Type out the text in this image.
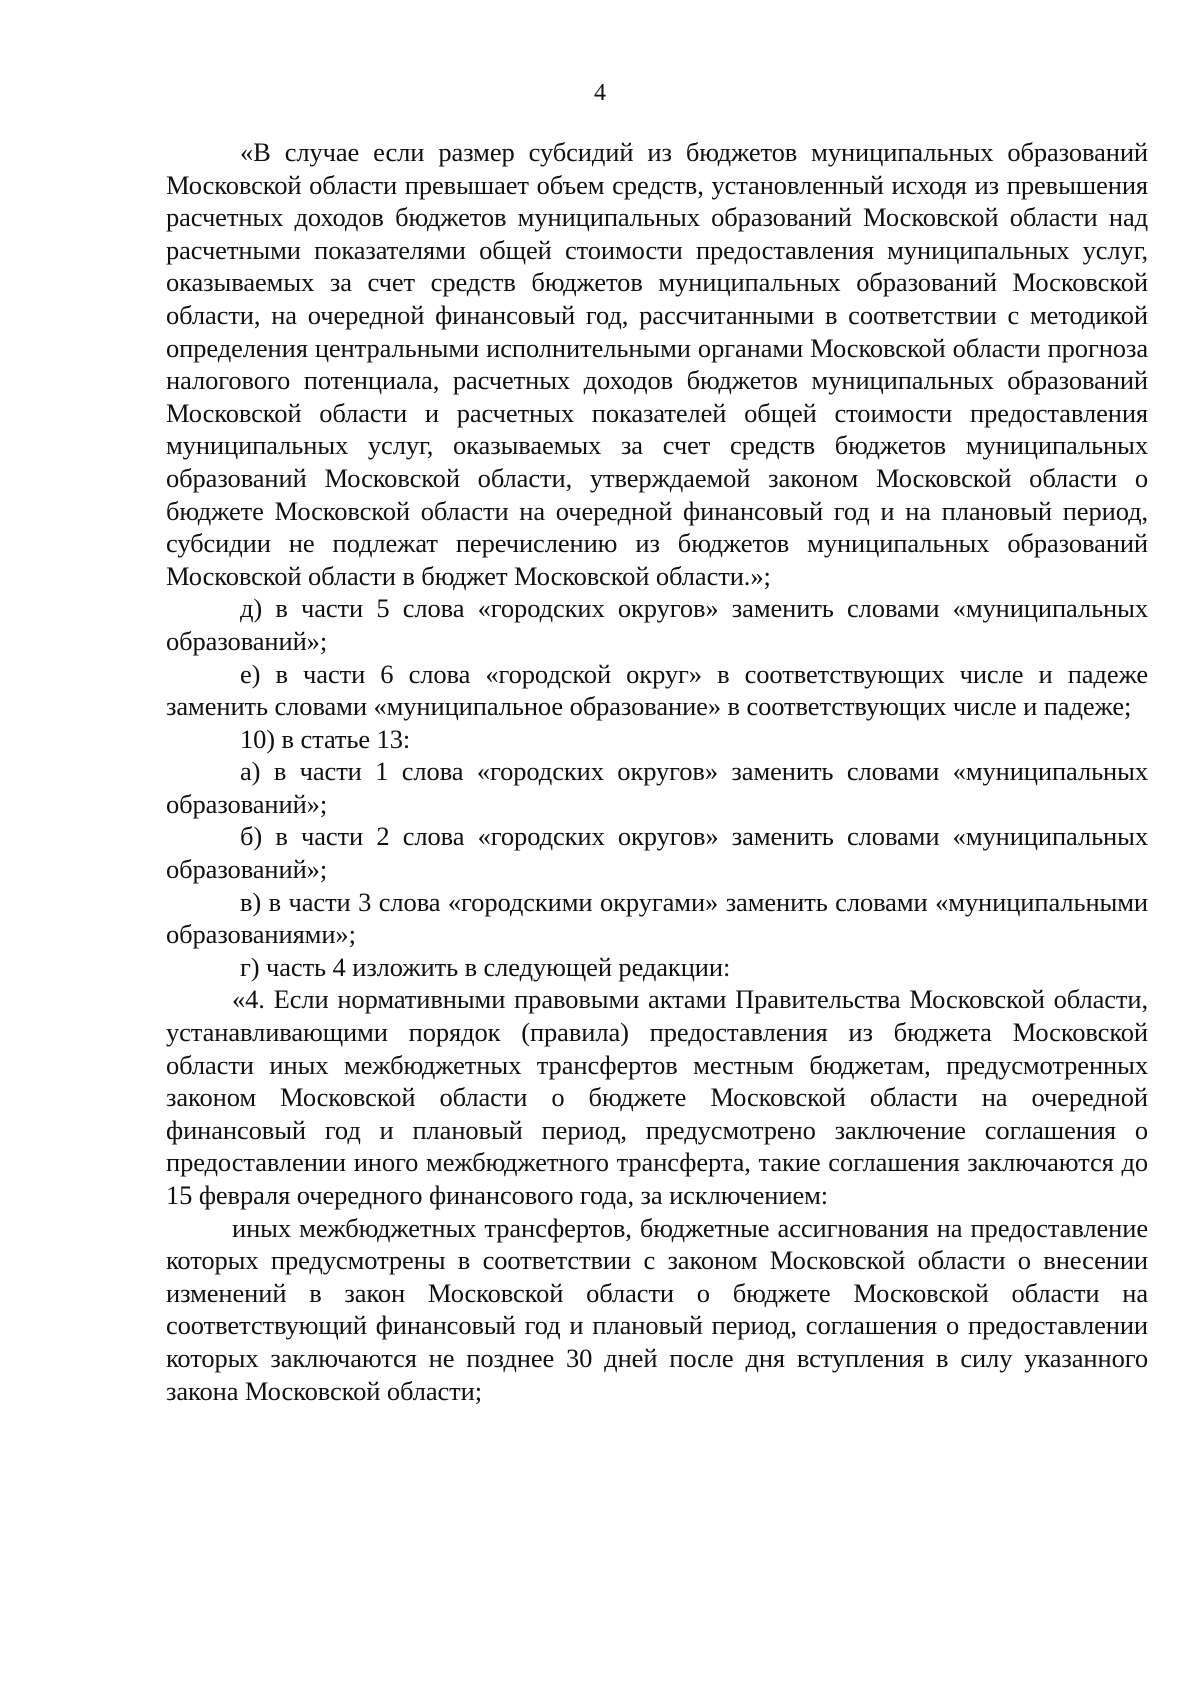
4

«В случае если размер субсидий из бюджетов муниципальных образований Московской области превышает объем средств, установленный исходя из превышения расчетных доходов бюджетов муниципальных образований Московской области над расчетными показателями общей стоимости предоставления муниципальных услуг, оказываемых за счет средств бюджетов муниципальных образований Московской области, на очередной финансовый год, рассчитанными в соответствии с методикой определения центральными исполнительными органами Московской области прогноза налогового потенциала, расчетных доходов бюджетов муниципальных образований Московской области и расчетных показателей общей стоимости предоставления муниципальных услуг, оказываемых за счет средств бюджетов муниципальных образований Московской области, утверждаемой законом Московской области о бюджете Московской области на очередной финансовый год и на плановый период, субсидии не подлежат перечислению из бюджетов муниципальных образований Московской области в бюджет Московской области.»;

д) в части 5 слова «городских округов» заменить словами «муниципальных образований»;

е) в части 6 слова «городской округ» в соответствующих числе и падеже заменить словами «муниципальное образование» в соответствующих числе и падеже;

10) в статье 13:

а) в части 1 слова «городских округов» заменить словами «муниципальных образований»;

б) в части 2 слова «городских округов» заменить словами «муниципальных образований»;

в) в части 3 слова «городскими округами» заменить словами «муниципальными образованиями»;

г) часть 4 изложить в следующей редакции:

«4. Если нормативными правовыми актами Правительства Московской области, устанавливающими порядок (правила) предоставления из бюджета Московской области иных межбюджетных трансфертов местным бюджетам, предусмотренных законом Московской области о бюджете Московской области на очередной финансовый год и плановый период, предусмотрено заключение соглашения о предоставлении иного межбюджетного трансферта, такие соглашения заключаются до 15 февраля очередного финансового года, за исключением:

иных межбюджетных трансфертов, бюджетные ассигнования на предоставление которых предусмотрены в соответствии с законом Московской области о внесении изменений в закон Московской области о бюджете Московской области на соответствующий финансовый год и плановый период, соглашения о предоставлении которых заключаются не позднее 30 дней после дня вступления в силу указанного закона Московской области;
